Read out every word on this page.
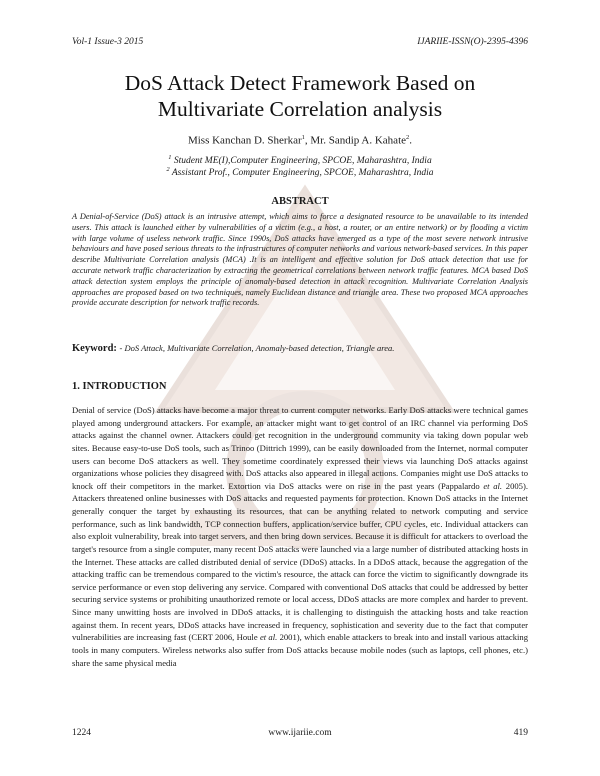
Vol-1 Issue-3 2015	IJARIIE-ISSN(O)-2395-4396
DoS Attack Detect Framework Based on
Multivariate Correlation analysis
Miss Kanchan D. Sherkar$^1$, Mr. Sandip A. Kahate$^2$.
$^1$ Student ME(I),Computer Engineering, SPCOE, Maharashtra, India
$^2$ Assistant Prof., Computer Engineering, SPCOE, Maharashtra, India
ABSTRACT
A Denial-of-Service (DoS) attack is an intrusive attempt, which aims to force a designated resource to be unavailable to its intended users. This attack is launched either by vulnerabilities of a victim (e.g., a host, a router, or an entire network) or by flooding a victim with large volume of useless network traffic. Since 1990s, DoS attacks have emerged as a type of the most severe network intrusive behaviours and have posed serious threats to the infrastructures of computer networks and various network-based services. In this paper describe Multivariate Correlation analysis (MCA) .It is an intelligent and effective solution for DoS attack detection that use for accurate network traffic characterization by extracting the geometrical correlations between network traffic features. MCA based DoS attack detection system employs the principle of anomaly-based detection in attack recognition. Multivariate Correlation Analysis approaches are proposed based on two techniques, namely Euclidean distance and triangle area. These two proposed MCA approaches provide accurate description for network traffic records.
Keyword: - DoS Attack, Multivariate Correlation, Anomaly-based detection, Triangle area.
1. INTRODUCTION
Denial of service (DoS) attacks have become a major threat to current computer networks. Early DoS attacks were technical games played among underground attackers. For example, an attacker might want to get control of an IRC channel via performing DoS attacks against the channel owner. Attackers could get recognition in the underground community via taking down popular web sites. Because easy-to-use DoS tools, such as Trinoo (Dittrich 1999), can be easily downloaded from the Internet, normal computer users can become DoS attackers as well. They sometime coordinately expressed their views via launching DoS attacks against organizations whose policies they disagreed with. DoS attacks also appeared in illegal actions. Companies might use DoS attacks to knock off their competitors in the market. Extortion via DoS attacks were on rise in the past years (Pappalardo et al. 2005). Attackers threatened online businesses with DoS attacks and requested payments for protection. Known DoS attacks in the Internet generally conquer the target by exhausting its resources, that can be anything related to network computing and service performance, such as link bandwidth, TCP connection buffers, application/service buffer, CPU cycles, etc. Individual attackers can also exploit vulnerability, break into target servers, and then bring down services. Because it is difficult for attackers to overload the target's resource from a single computer, many recent DoS attacks were launched via a large number of distributed attacking hosts in the Internet. These attacks are called distributed denial of service (DDoS) attacks. In a DDoS attack, because the aggregation of the attacking traffic can be tremendous compared to the victim's resource, the attack can force the victim to significantly downgrade its service performance or even stop delivering any service. Compared with conventional DoS attacks that could be addressed by better securing service systems or prohibiting unauthorized remote or local access, DDoS attacks are more complex and harder to prevent. Since many unwitting hosts are involved in DDoS attacks, it is challenging to distinguish the attacking hosts and take reaction against them. In recent years, DDoS attacks have increased in frequency, sophistication and severity due to the fact that computer vulnerabilities are increasing fast (CERT 2006, Houle et al. 2001), which enable attackers to break into and install various attacking tools in many computers. Wireless networks also suffer from DoS attacks because mobile nodes (such as laptops, cell phones, etc.) share the same physical media
1224	www.ijariie.com	419
